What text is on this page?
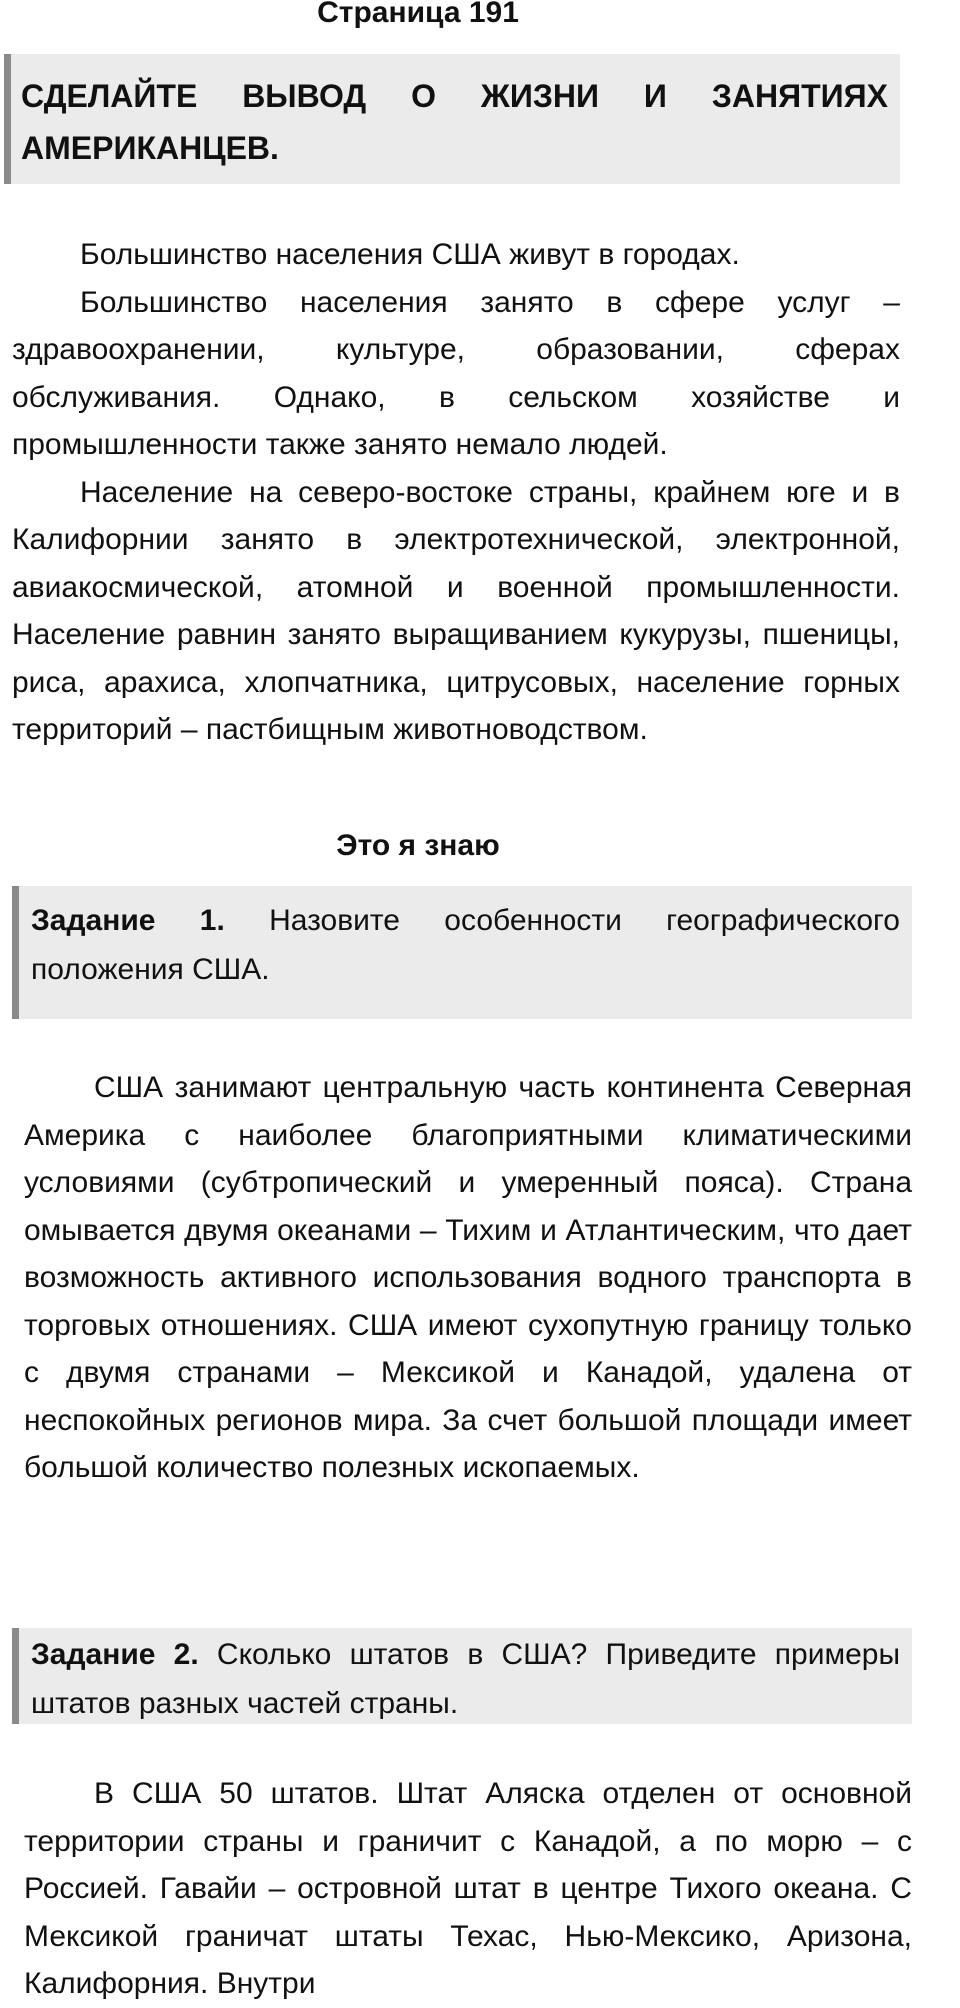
Страница 191
СДЕЛАЙТЕ ВЫВОД О ЖИЗНИ И ЗАНЯТИЯХ АМЕРИКАНЦЕВ.

Большинство населения США живут в городах.

Большинство населения занято в сфере услуг – здравоохранении, культуре, образовании, сферах обслуживания. Однако, в сельском хозяйстве и промышленности также занято немало людей.

Население на северо-востоке страны, крайнем юге и в Калифорнии занято в электротехнической, электронной, авиакосмической, атомной и военной промышленности. Население равнин занято выращиванием кукурузы, пшеницы, риса, арахиса, хлопчатника, цитрусовых, население горных территорий – пастбищным животноводством.

Это я знаю
Задание 1. Назовите особенности географического положения США.

США занимают центральную часть континента Северная Америка с наиболее благоприятными климатическими условиями (субтропический и умеренный пояса). Страна омывается двумя океанами – Тихим и Атлантическим, что дает возможность активного использования водного транспорта в торговых отношениях. США имеют сухопутную границу только с двумя странами – Мексикой и Канадой, удалена от неспокойных регионов мира. За счет большой площади имеет большой количество полезных ископаемых.

Задание 2. Сколько штатов в США? Приведите примеры штатов разных частей страны.

В США 50 штатов. Штат Аляска отделен от основной территории страны и граничит с Канадой, а по морю – с Россией. Гавайи – островной штат в центре Тихого океана. С Мексикой граничат штаты Техас, Нью-Мексико, Аризона, Калифорния. Внутри
